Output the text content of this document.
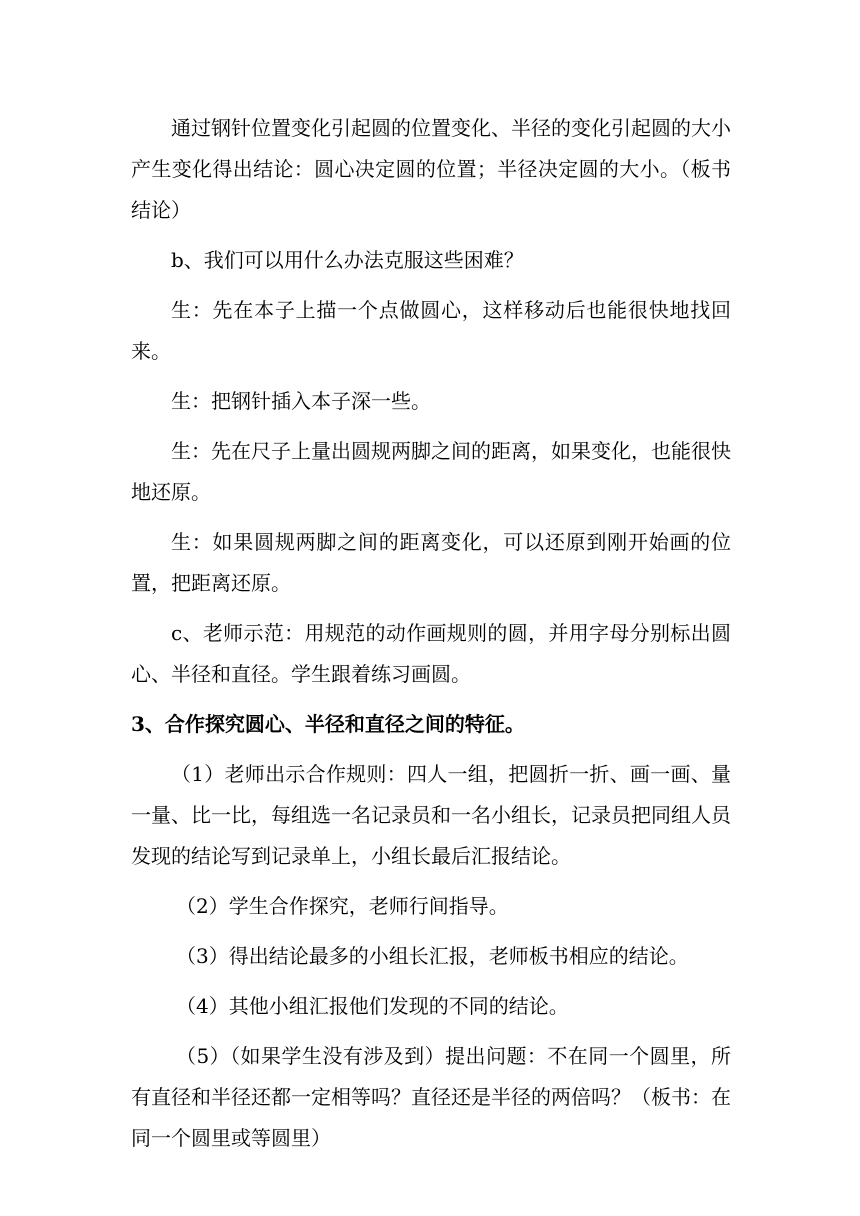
通过钢针位置变化引起圆的位置变化、半径的变化引起圆的大小产生变化得出结论：圆心决定圆的位置；半径决定圆的大小。（板书结论）

b、我们可以用什么办法克服这些困难？

生：先在本子上描一个点做圆心，这样移动后也能很快地找回来。

生：把钢针插入本子深一些。

生：先在尺子上量出圆规两脚之间的距离，如果变化，也能很快地还原。

生：如果圆规两脚之间的距离变化，可以还原到刚开始画的位置，把距离还原。

c、老师示范：用规范的动作画规则的圆，并用字母分别标出圆心、半径和直径。学生跟着练习画圆。

3、合作探究圆心、半径和直径之间的特征。

（1）老师出示合作规则：四人一组，把圆折一折、画一画、量一量、比一比，每组选一名记录员和一名小组长，记录员把同组人员发现的结论写到记录单上，小组长最后汇报结论。

（2）学生合作探究，老师行间指导。

（3）得出结论最多的小组长汇报，老师板书相应的结论。

（4）其他小组汇报他们发现的不同的结论。

（5）（如果学生没有涉及到）提出问题：不在同一个圆里，所有直径和半径还都一定相等吗？直径还是半径的两倍吗？（板书：在同一个圆里或等圆里）
